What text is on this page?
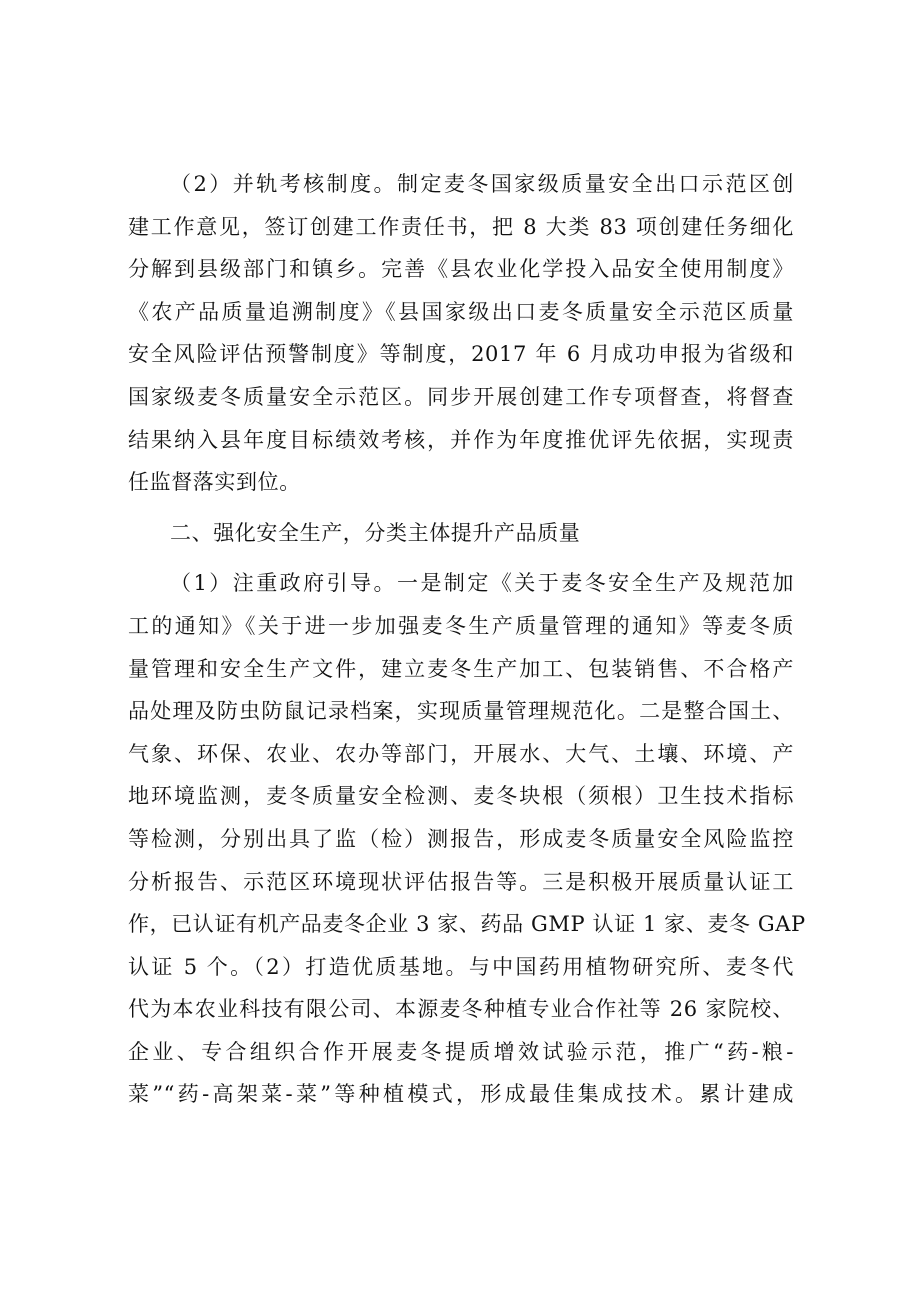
（2）并轨考核制度。制定麦冬国家级质量安全出口示范区创
建工作意见，签订创建工作责任书，把 8 大类 83 项创建任务细化
分解到县级部门和镇乡。完善《县农业化学投入品安全使用制度》
《农产品质量追溯制度》《县国家级出口麦冬质量安全示范区质量
安全风险评估预警制度》等制度，2017 年 6 月成功申报为省级和
国家级麦冬质量安全示范区。同步开展创建工作专项督查，将督查
结果纳入县年度目标绩效考核，并作为年度推优评先依据，实现责
任监督落实到位。
二、强化安全生产，分类主体提升产品质量
（1）注重政府引导。一是制定《关于麦冬安全生产及规范加
工的通知》《关于进一步加强麦冬生产质量管理的通知》等麦冬质
量管理和安全生产文件，建立麦冬生产加工、包装销售、不合格产
品处理及防虫防鼠记录档案，实现质量管理规范化。二是整合国土、
气象、环保、农业、农办等部门，开展水、大气、土壤、环境、产
地环境监测，麦冬质量安全检测、麦冬块根（须根）卫生技术指标
等检测，分别出具了监（检）测报告，形成麦冬质量安全风险监控
分析报告、示范区环境现状评估报告等。三是积极开展质量认证工
作，已认证有机产品麦冬企业 3 家、药品 GMP 认证 1 家、麦冬 GAP
认证 5 个。（2）打造优质基地。与中国药用植物研究所、麦冬代
代为本农业科技有限公司、本源麦冬种植专业合作社等 26 家院校、
企业、专合组织合作开展麦冬提质增效试验示范，推广“药-粮-
菜”“药-高架菜-菜”等种植模式，形成最佳集成技术。累计建成
